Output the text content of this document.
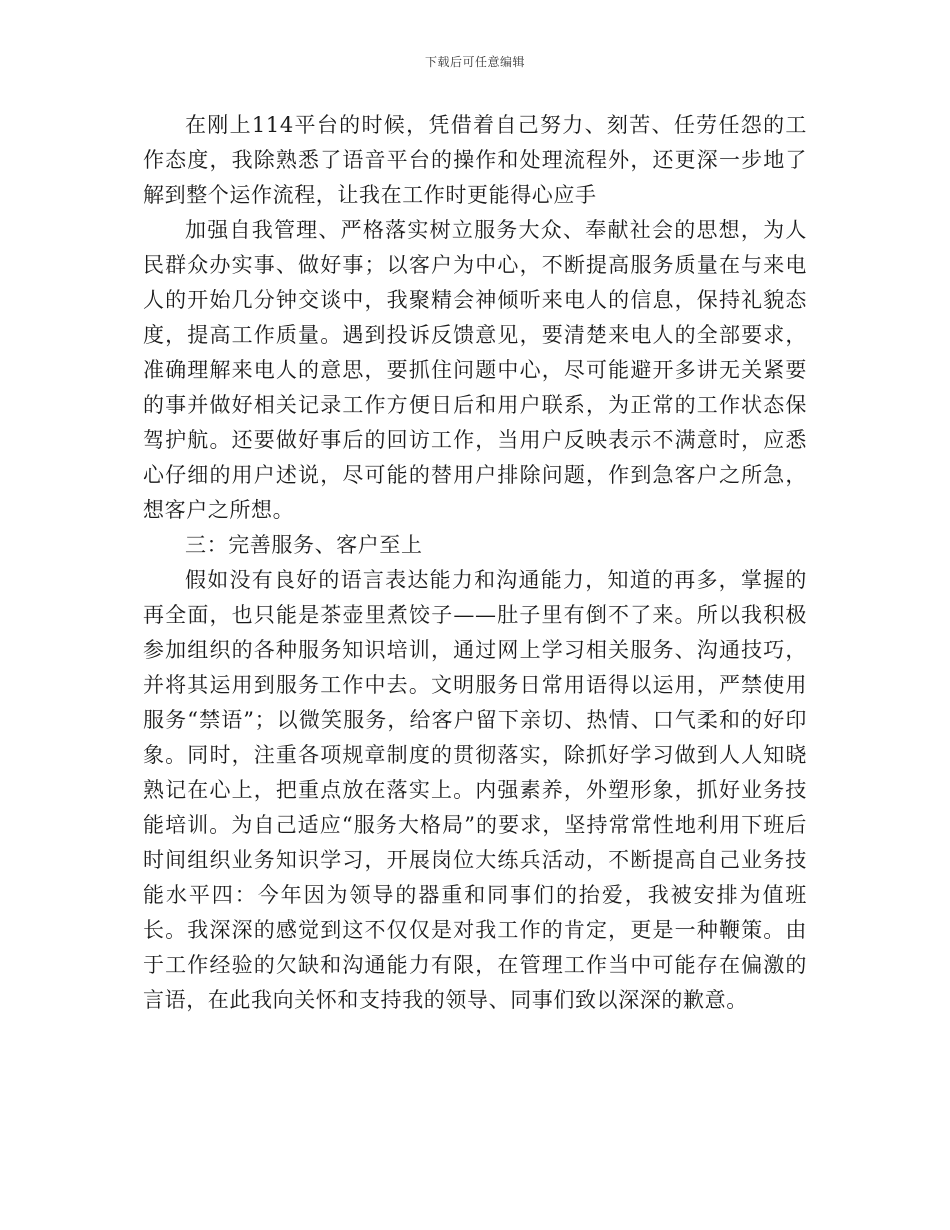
下载后可任意编辑

在刚上114平台的时候，凭借着自己努力、刻苦、任劳任怨的工作态度，我除熟悉了语音平台的操作和处理流程外，还更深一步地了解到整个运作流程，让我在工作时更能得心应手

加强自我管理、严格落实树立服务大众、奉献社会的思想，为人民群众办实事、做好事；以客户为中心，不断提高服务质量在与来电人的开始几分钟交谈中，我聚精会神倾听来电人的信息，保持礼貌态度，提高工作质量。遇到投诉反馈意见，要清楚来电人的全部要求，准确理解来电人的意思，要抓住问题中心，尽可能避开多讲无关紧要的事并做好相关记录工作方便日后和用户联系，为正常的工作状态保驾护航。还要做好事后的回访工作，当用户反映表示不满意时，应悉心仔细的用户述说，尽可能的替用户排除问题，作到急客户之所急，想客户之所想。

三：完善服务、客户至上

假如没有良好的语言表达能力和沟通能力，知道的再多，掌握的再全面，也只能是茶壶里煮饺子——肚子里有倒不了来。所以我积极参加组织的各种服务知识培训，通过网上学习相关服务、沟通技巧，并将其运用到服务工作中去。文明服务日常用语得以运用，严禁使用服务“禁语”；以微笑服务，给客户留下亲切、热情、口气柔和的好印象。同时，注重各项规章制度的贯彻落实，除抓好学习做到人人知晓熟记在心上，把重点放在落实上。内强素养，外塑形象，抓好业务技能培训。为自己适应“服务大格局”的要求，坚持常常性地利用下班后时间组织业务知识学习，开展岗位大练兵活动，不断提高自己业务技能水平四：今年因为领导的器重和同事们的抬爱，我被安排为值班长。我深深的感觉到这不仅仅是对我工作的肯定，更是一种鞭策。由于工作经验的欠缺和沟通能力有限，在管理工作当中可能存在偏激的言语，在此我向关怀和支持我的领导、同事们致以深深的歉意。
